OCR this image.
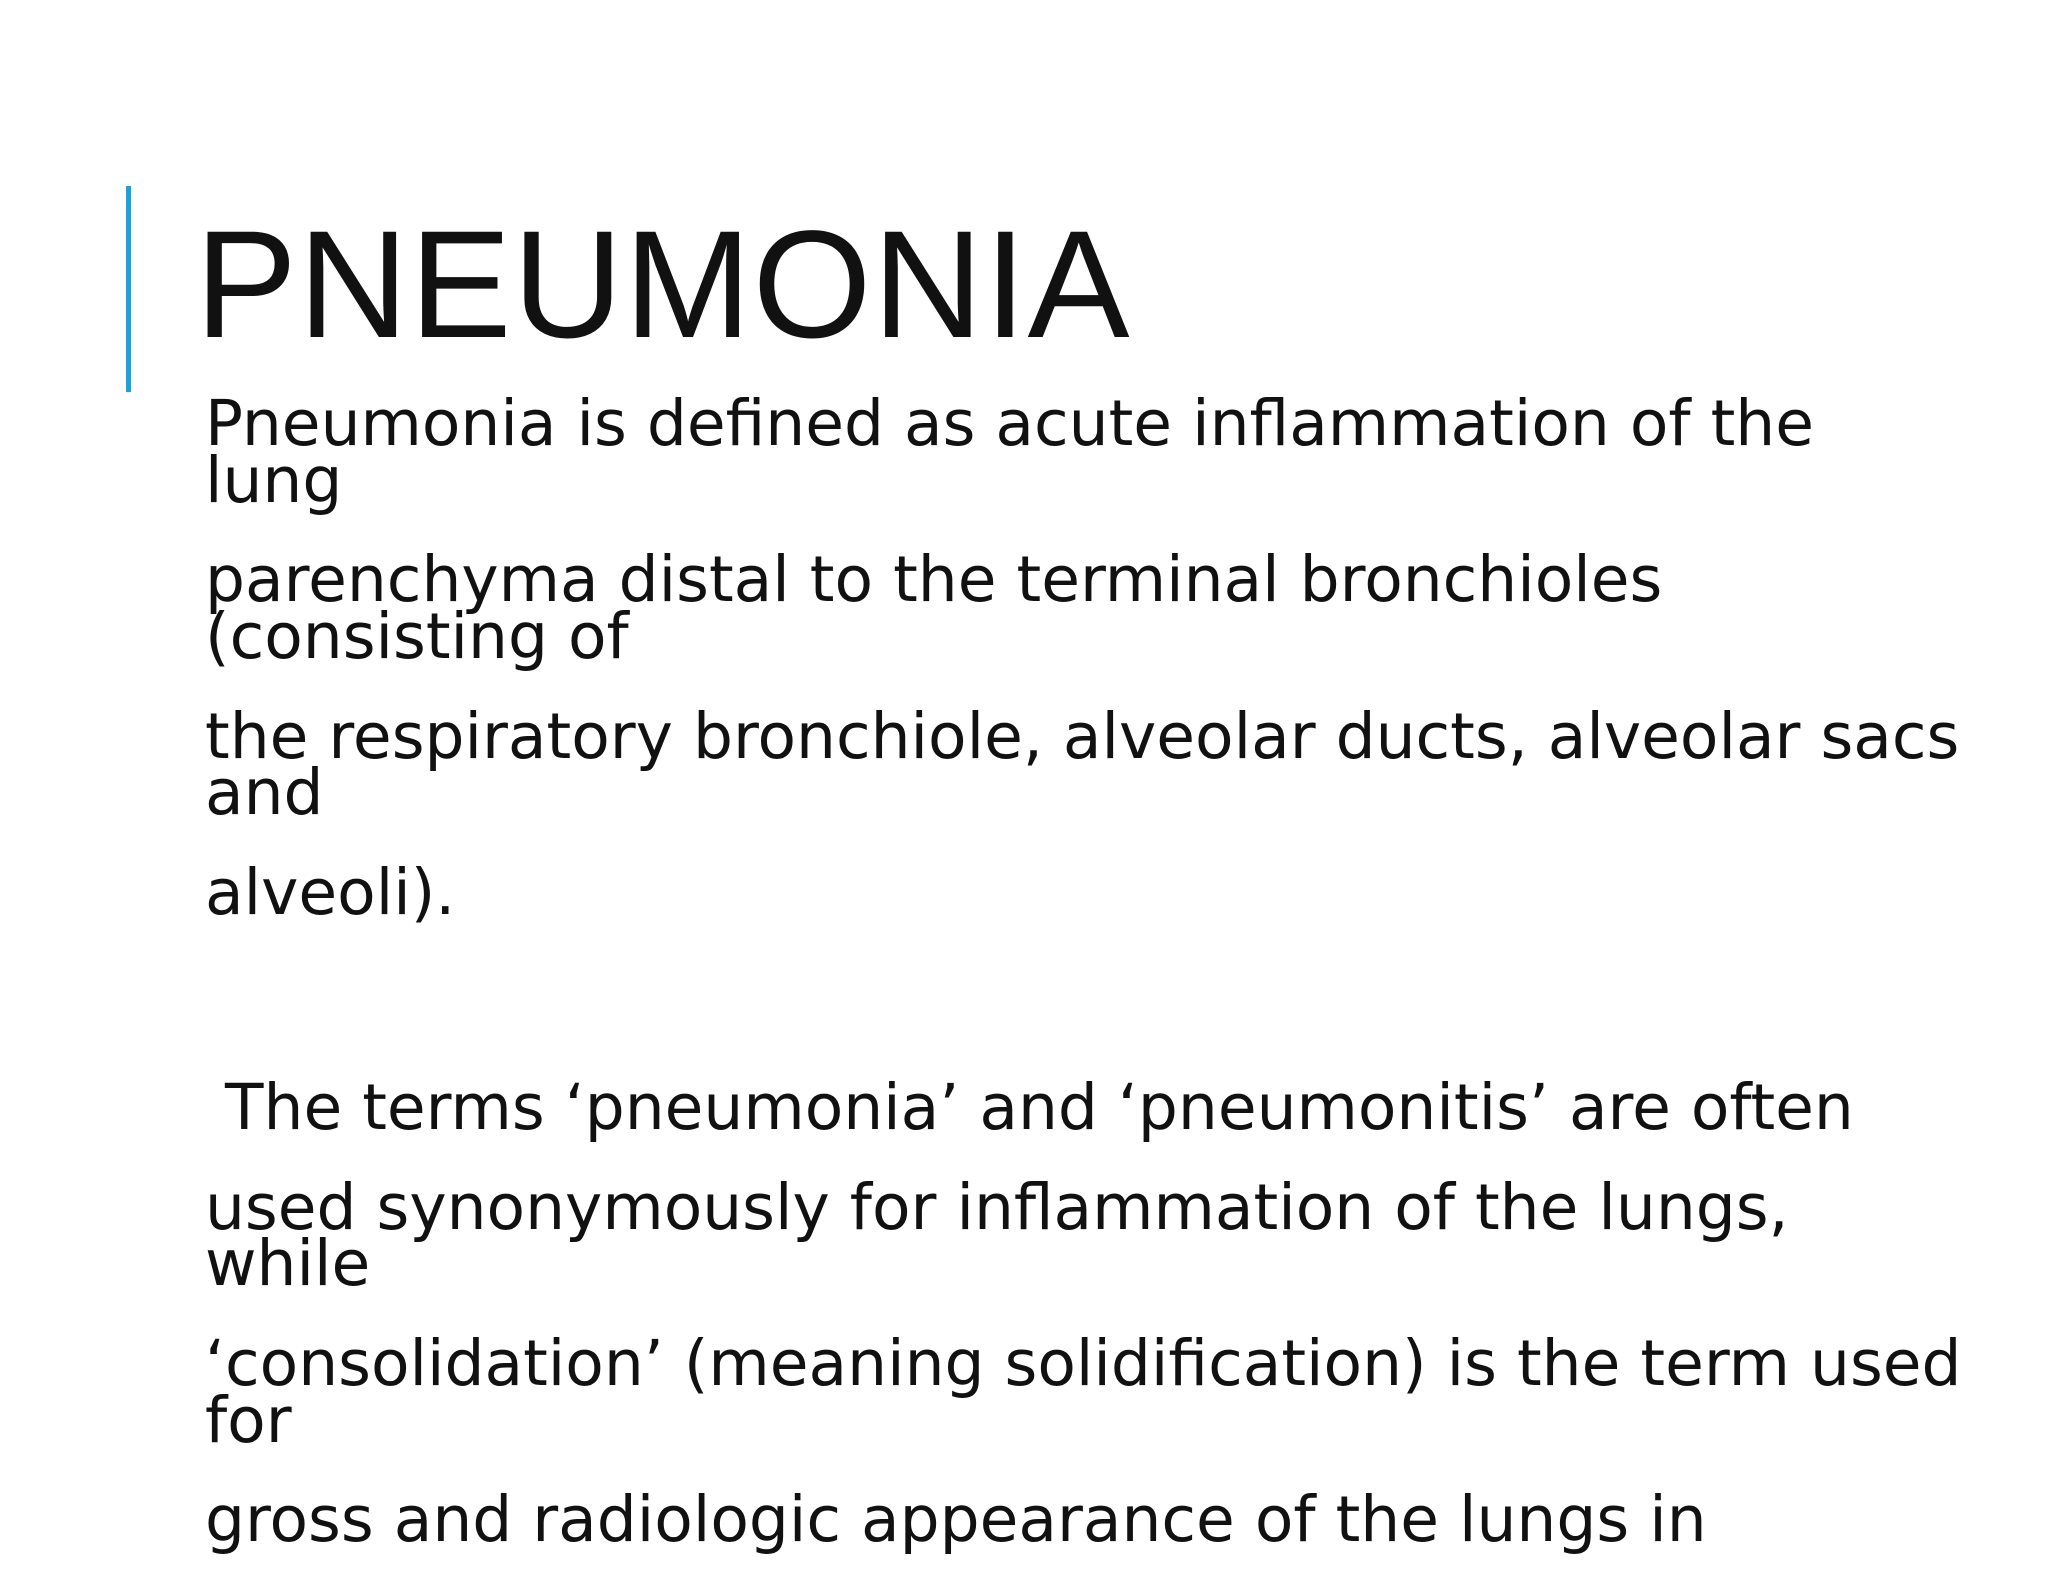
PNEUMONIA

Pneumonia is defined as acute inflammation of the lung

parenchyma distal to the terminal bronchioles (consisting of

the respiratory bronchiole, alveolar ducts, alveolar sacs and

alveoli).

The terms ‘pneumonia’ and ‘pneumonitis’ are often

used synonymously for inflammation of the lungs, while

‘consolidation’ (meaning solidification) is the term used for

gross and radiologic appearance of the lungs in
